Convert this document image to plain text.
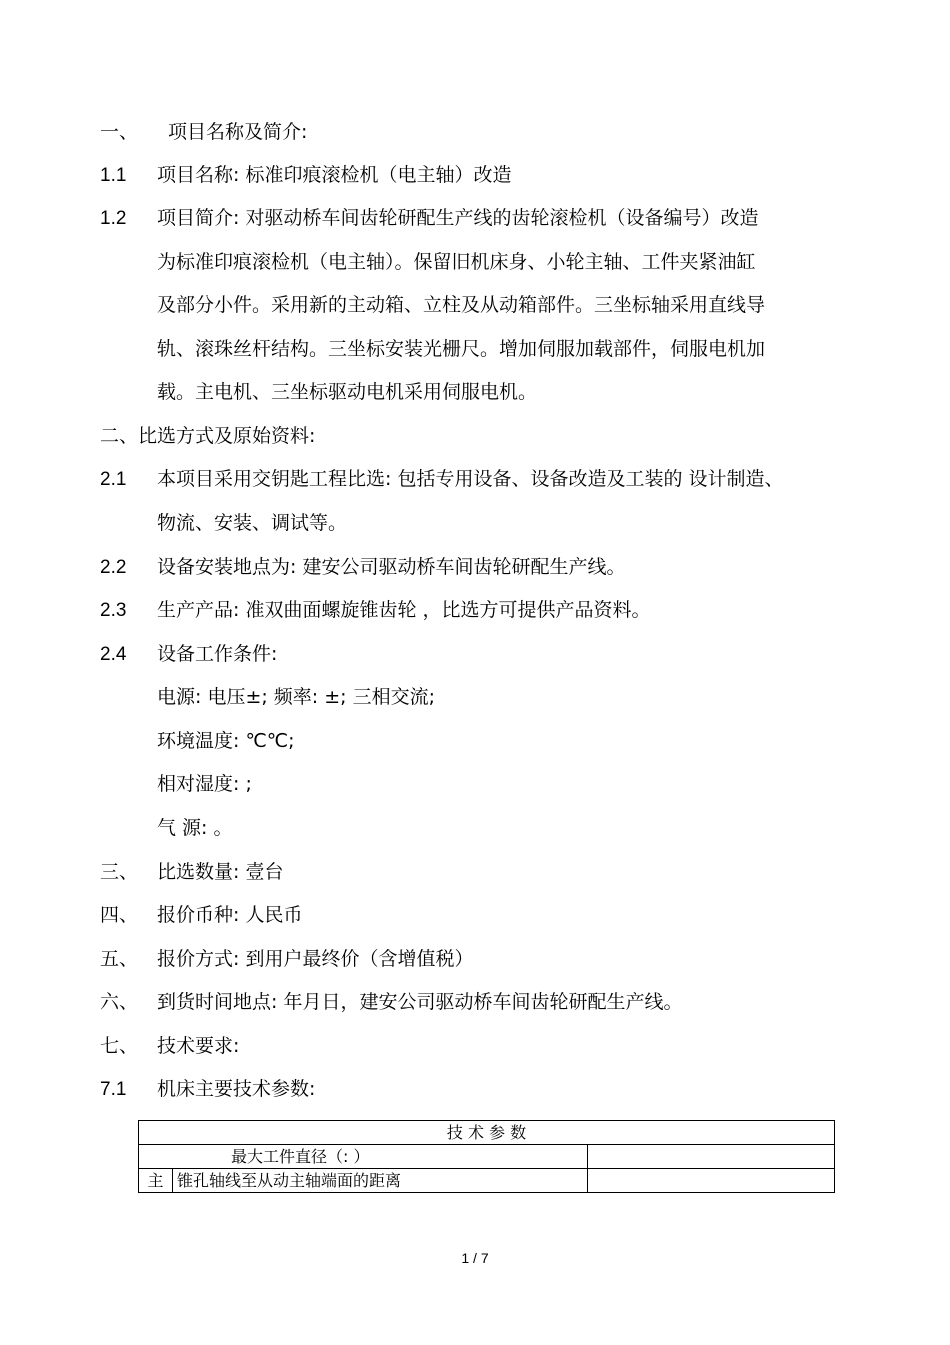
一、 项目名称及简介:
1.1 项目名称: 标准印痕滚检机（电主轴）改造
1.2 项目简介: 对驱动桥车间齿轮研配生产线的齿轮滚检机（设备编号）改造
为标准印痕滚检机（电主轴）。保留旧机床身、小轮主轴、工件夹紧油缸
及部分小件。采用新的主动箱、立柱及从动箱部件。三坐标轴采用直线导
轨、滚珠丝杆结构。三坐标安装光栅尺。增加伺服加载部件，伺服电机加
载。主电机、三坐标驱动电机采用伺服电机。
二、比选方式及原始资料:
2.1 本项目采用交钥匙工程比选: 包括专用设备、设备改造及工装的 设计制造、
物流、安装、调试等。
2.2 设备安装地点为: 建安公司驱动桥车间齿轮研配生产线。
2.3 生产产品: 准双曲面螺旋锥齿轮 ，比选方可提供产品资料。
2.4 设备工作条件:
电源: 电压±; 频率: ±; 三相交流;
环境温度: ℃℃;
相对湿度: ;
气 源: 。
三、 比选数量: 壹台
四、 报价币种: 人民币
五、 报价方式: 到用户最终价（含增值税）
六、 到货时间地点: 年月日，建安公司驱动桥车间齿轮研配生产线。
七、 技术要求:
7.1 机床主要技术参数:
技 术 参 数		
最大工件直径（: ）		
主	锥孔轴线至从动主轴端面的距离	
1 / 7
